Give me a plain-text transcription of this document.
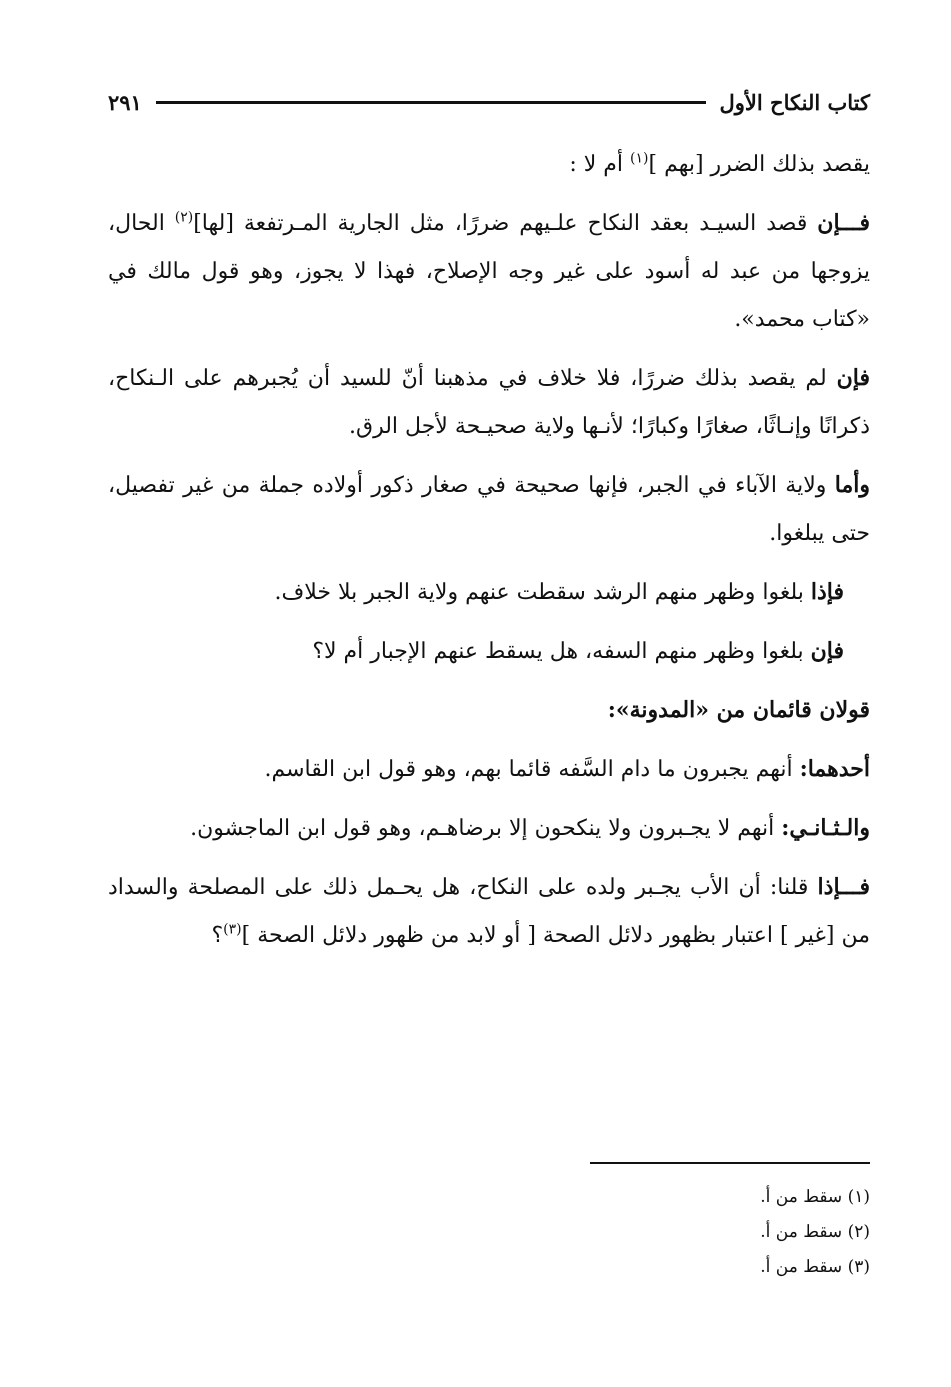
كتاب النكاح الأول
٢٩١

يقصد بذلك الضرر [بهم ]$^{(١)}$ أم لا :

فـــإن قصد السيـد بعقد النكاح علـيهم ضررًا، مثل الجارية المـرتفعة [لها]$^{(٢)}$ الحال، يزوجها من عبد له أسود على غير وجه الإصلاح، فهذا لا يجوز، وهو قول مالك في «كتاب محمد».

فإن لم يقصد بذلك ضررًا، فلا خلاف في مذهبنا أنّ للسيد أن يُجبرهم على الـنكاح، ذكرانًا وإنـاثًا، صغارًا وكبارًا؛ لأنـها ولاية صحيـحة لأجل الرق.

وأما ولاية الآباء في الجبر، فإنها صحيحة في صغار ذكور أولاده جملة من غير تفصيل، حتى يبلغوا.

فإذا بلغوا وظهر منهم الرشد سقطت عنهم ولاية الجبر بلا خلاف.

فإن بلغوا وظهر منهم السفه، هل يسقط عنهم الإجبار أم لا؟

قولان قائمان من «المدونة»:

أحدهما: أنهم يجبرون ما دام السَّفه قائما بهم، وهو قول ابن القاسم.

والـثـانـي: أنهم لا يجـبرون ولا ينكحون إلا برضاهـم، وهو قول ابن الماجشون.

فـــإذا قلنا: أن الأب يجـبر ولده على النكاح، هل يحـمل ذلك على المصلحة والسداد من [غير ] اعتبار بظهور دلائل الصحة [ أو لابد من ظهور دلائل الصحة ]$^{(٣)}$؟

(١) سقط من أ.

(٢) سقط من أ.

(٣) سقط من أ.
